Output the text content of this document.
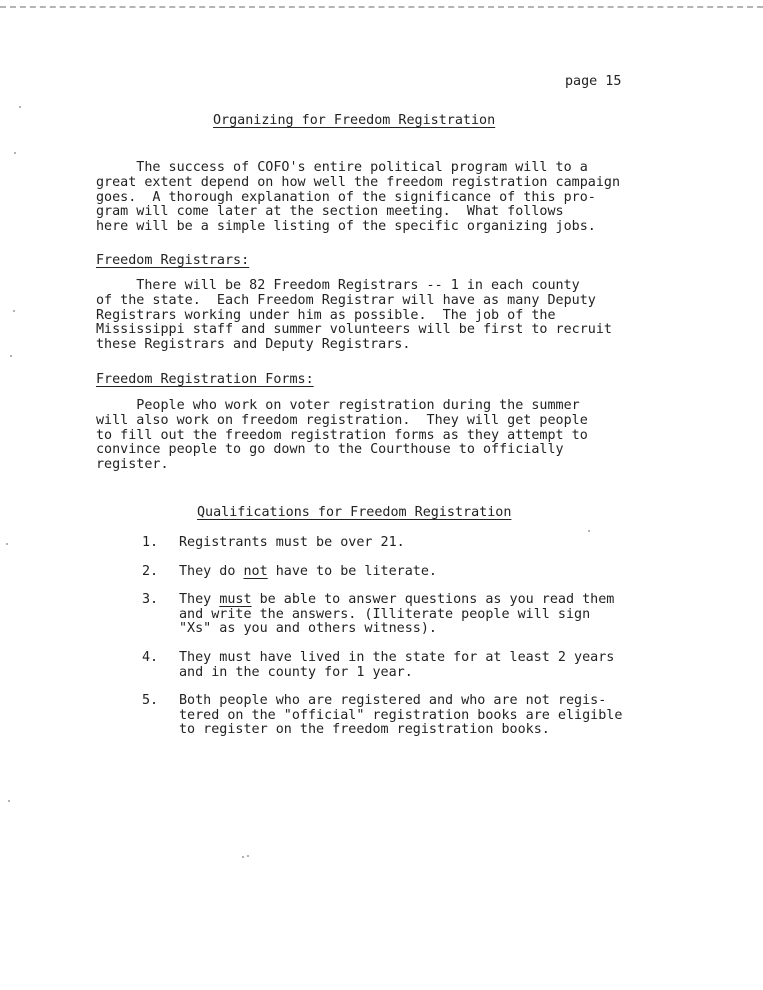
page 15
Organizing for Freedom Registration

The success of COFO's entire political program will to a
great extent depend on how well the freedom registration campaign
goes.  A thorough explanation of the significance of this pro-
gram will come later at the section meeting.  What follows
here will be a simple listing of the specific organizing jobs.

Freedom Registrars:

There will be 82 Freedom Registrars -- 1 in each county
of the state.  Each Freedom Registrar will have as many Deputy
Registrars working under him as possible.  The job of the
Mississippi staff and summer volunteers will be first to recruit
these Registrars and Deputy Registrars.

Freedom Registration Forms:

People who work on voter registration during the summer
will also work on freedom registration.  They will get people
to fill out the freedom registration forms as they attempt to
convince people to go down to the Courthouse to officially
register.

Qualifications for Freedom Registration
1. Registrants must be over 21.
2. They do not have to be literate.
3. They must be able to answer questions as you read them
and write the answers. (Illiterate people will sign
"Xs" as you and others witness).
4. They must have lived in the state for at least 2 years
and in the county for 1 year.
5. Both people who are registered and who are not regis-
tered on the "official" registration books are eligible
to register on the freedom registration books.
